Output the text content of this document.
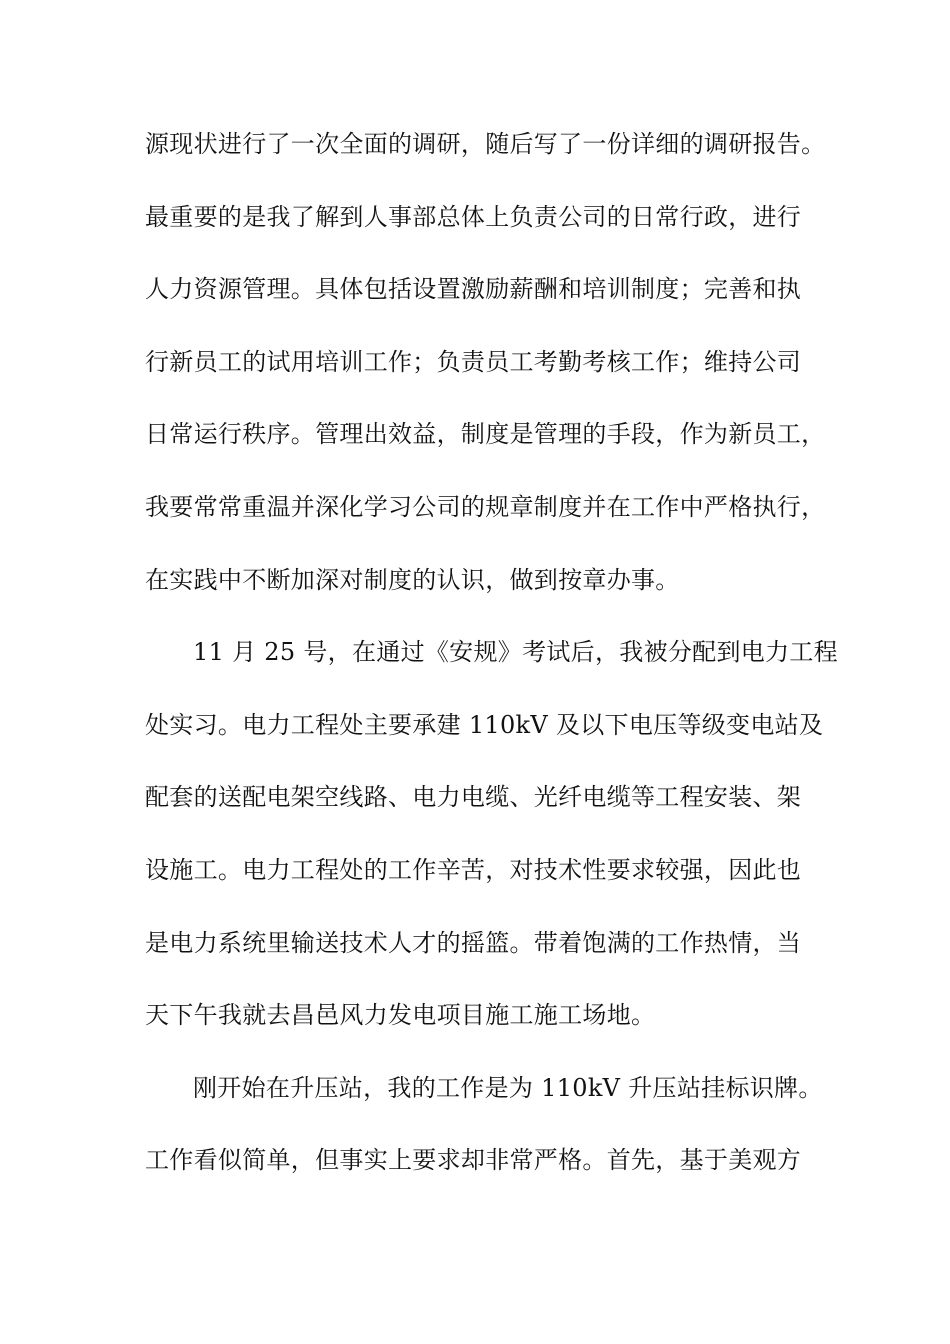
源现状进行了一次全面的调研，随后写了一份详细的调研报告。
最重要的是我了解到人事部总体上负责公司的日常行政，进行
人力资源管理。具体包括设置激励薪酬和培训制度；完善和执
行新员工的试用培训工作；负责员工考勤考核工作；维持公司
日常运行秩序。管理出效益，制度是管理的手段，作为新员工，
我要常常重温并深化学习公司的规章制度并在工作中严格执行，
在实践中不断加深对制度的认识，做到按章办事。
11 月 25 号，在通过《安规》考试后，我被分配到电力工程
处实习。电力工程处主要承建 110kV 及以下电压等级变电站及
配套的送配电架空线路、电力电缆、光纤电缆等工程安装、架
设施工。电力工程处的工作辛苦，对技术性要求较强，因此也
是电力系统里输送技术人才的摇篮。带着饱满的工作热情，当
天下午我就去昌邑风力发电项目施工施工场地。
刚开始在升压站，我的工作是为 110kV 升压站挂标识牌。
工作看似简单，但事实上要求却非常严格。首先，基于美观方
